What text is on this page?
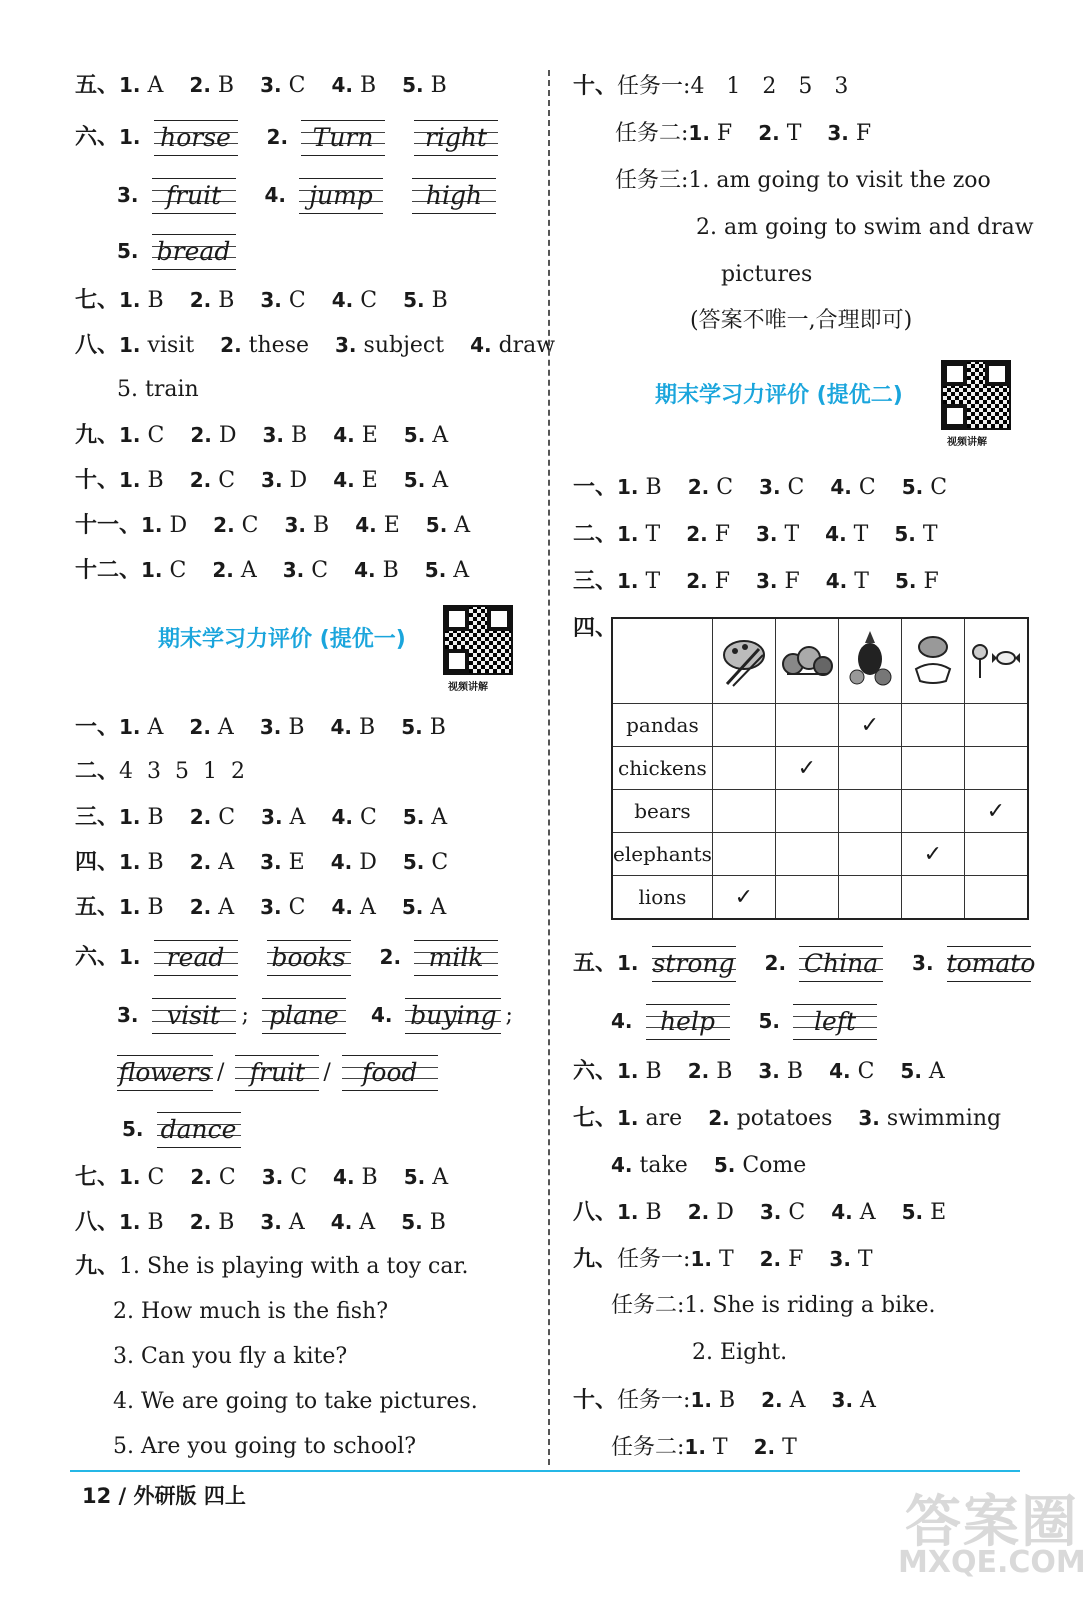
五、1. A 2. B 3. C 4. B 5. B
六、1. horse 2. Turn right
3. fruit 4. jump high
5. bread
七、1. B 2. B 3. C 4. C 5. B
八、1. visit 2. these 3. subject 4. draw
5. train
九、1. C 2. D 3. B 4. E 5. A
十、1. B 2. C 3. D 4. E 5. A
十一、1. D 2. C 3. B 4. E 5. A
十二、1. C 2. A 3. C 4. B 5. A
期末学习力评价 (提优一)
视频讲解
一、1. A 2. A 3. B 4. B 5. B
二、4 3 5 1 2
三、1. B 2. C 3. A 4. C 5. A
四、1. B 2. A 3. E 4. D 5. C
五、1. B 2. A 3. C 4. A 5. A
六、1. read books 2. milk
3. visit ; plane 4. buying ;
flowers / fruit / food
5. dance
七、1. C 2. C 3. C 4. B 5. A
八、1. B 2. B 3. A 4. A 5. B
九、1. She is playing with a toy car.
2. How much is the fish?
3. Can you fly a kite?
4. We are going to take pictures.
5. Are you going to school?
十、任务一:4　1　2　5　3
任务二:1. F 2. T 3. F
任务三:1. am going to visit the zoo
2. am going to swim and draw
pictures
(答案不唯一,合理即可)
期末学习力评价 (提优二)
视频讲解
一、1. B 2. C 3. C 4. C 5. C
二、1. T 2. F 3. T 4. T 5. T
三、1. T 2. F 3. F 4. T 5. F
四、

pandas			✓		
chickens		✓			
bears					✓
elephants				✓	
lions	✓				
五、1. strong 2. China 3. tomato
4. help 5. left
六、1. B 2. B 3. B 4. C 5. A
七、1. are 2. potatoes 3. swimming
4. take 5. Come
八、1. B 2. D 3. C 4. A 5. E
九、任务一:1. T 2. F 3. T
任务二:1. She is riding a bike.
2. Eight.
十、任务一:1. B 2. A 3. A
任务二:1. T 2. T
12 / 外研版 四上	答案圈
MXQE.COM
